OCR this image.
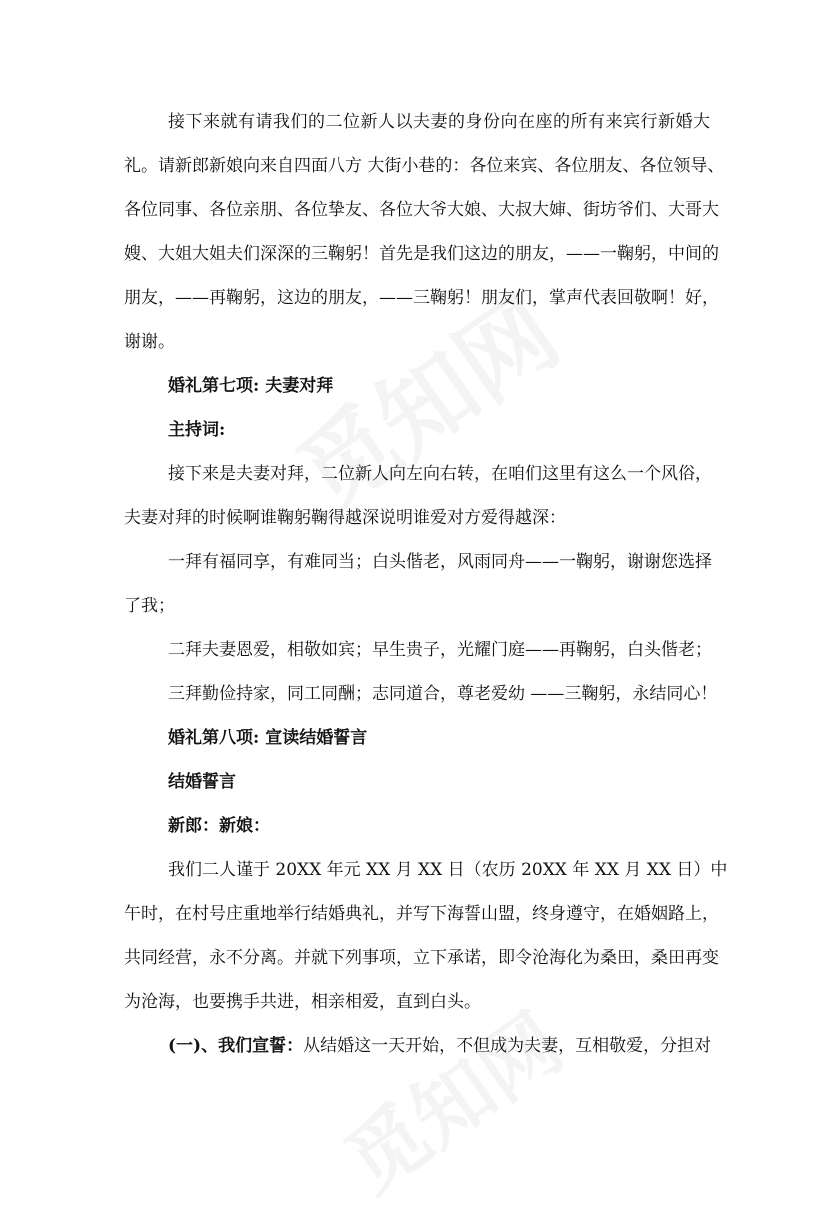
接下来就有请我们的二位新人以夫妻的身份向在座的所有来宾行新婚大
礼。请新郎新娘向来自四面八方 大街小巷的：各位来宾、各位朋友、各位领导、
各位同事、各位亲朋、各位挚友、各位大爷大娘、大叔大婶、街坊爷们、大哥大
嫂、大姐大姐夫们深深的三鞠躬！首先是我们这边的朋友，——一鞠躬，中间的
朋友，——再鞠躬，这边的朋友，——三鞠躬！朋友们，掌声代表回敬啊！好，
谢谢。
婚礼第七项: 夫妻对拜
主持词:
接下来是夫妻对拜，二位新人向左向右转，在咱们这里有这么一个风俗，
夫妻对拜的时候啊谁鞠躬鞠得越深说明谁爱对方爱得越深：
一拜有福同享，有难同当；白头偕老，风雨同舟——一鞠躬，谢谢您选择
了我；
二拜夫妻恩爱，相敬如宾；早生贵子，光耀门庭——再鞠躬，白头偕老；
三拜勤俭持家，同工同酬；志同道合，尊老爱幼 ——三鞠躬，永结同心！
婚礼第八项: 宣读结婚誓言
结婚誓言
新郎：新娘：
我们二人谨于 20XX 年元 XX 月 XX 日（农历 20XX 年 XX 月 XX 日）中
午时，在村号庄重地举行结婚典礼，并写下海誓山盟，终身遵守，在婚姻路上，
共同经营，永不分离。并就下列事项，立下承诺，即令沧海化为桑田，桑田再变
为沧海，也要携手共进，相亲相爱，直到白头。
(一)、我们宣誓：从结婚这一天开始，不但成为夫妻，互相敬爱，分担对
